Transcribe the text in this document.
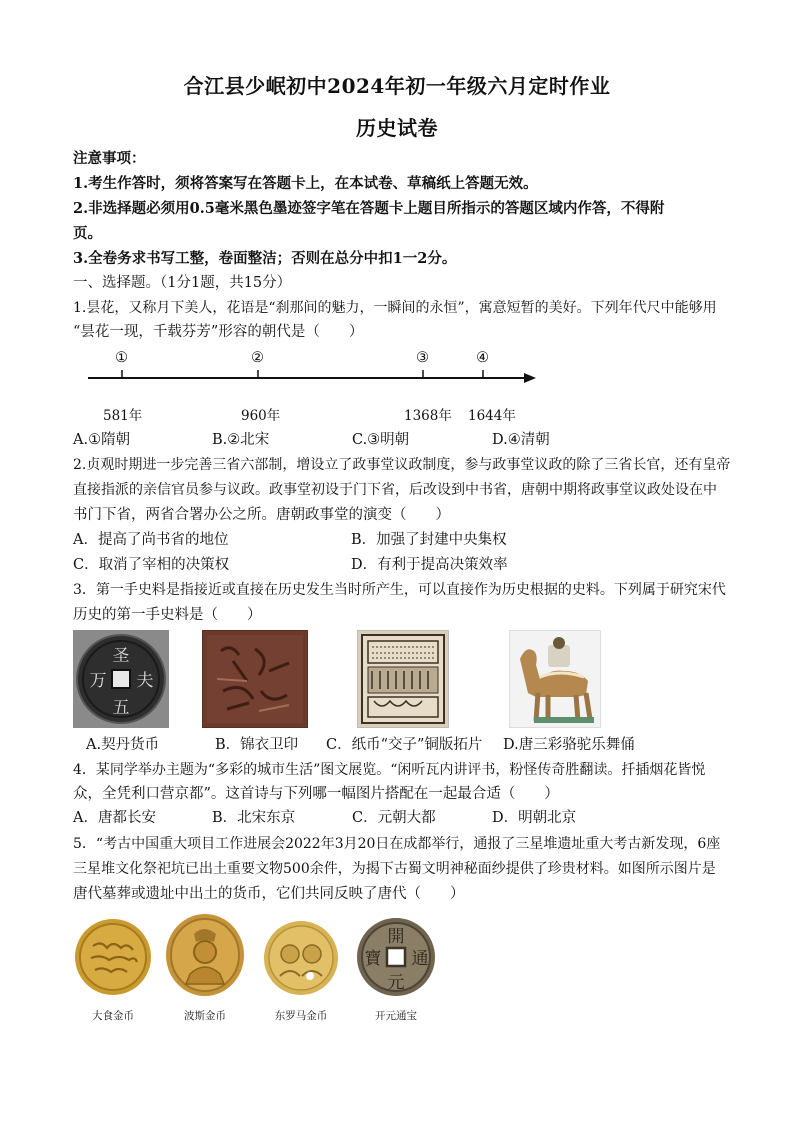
合江县少岷初中2024年初一年级六月定时作业
历史试卷
注意事项：
1.考生作答时，须将答案写在答题卡上，在本试卷、草稿纸上答题无效。
2.非选择题必须用0.5毫米黑色墨迹签字笔在答题卡上题目所指示的答题区域内作答，不得附
页。
3.全卷务求书写工整，卷面整洁；否则在总分中扣1一2分。
一、选择题。（1分1题，共15分）
1.昙花，又称月下美人，花语是“刹那间的魅力，一瞬间的永恒”，寓意短暂的美好。下列年代尺中能够用
“昙花一现，千载芬芳”形容的朝代是（　　）
①	②	③	④
581年	960年	1368年 1644年
A.①隋朝	B.②北宋	C.③明朝	D.④清朝
2.贞观时期进一步完善三省六部制，增设立了政事堂议政制度，参与政事堂议政的除了三省长官，还有皇帝
直接指派的亲信官员参与议政。政事堂初设于门下省，后改设到中书省，唐朝中期将政事堂议政处设在中
书门下省，两省合署办公之所。唐朝政事堂的演变（　　）
A．提高了尚书省的地位	B．加强了封建中央集权
C．取消了宰相的决策权	D．有利于提高决策效率
3．第一手史料是指接近或直接在历史发生当时所产生，可以直接作为历史根据的史料。下列属于研究宋代
历史的第一手史料是（　　）
圣
夫
五
万
A.契丹货币	B．锦衣卫印 C．纸币“交子”铜版拓片 D.唐三彩骆驼乐舞俑
4．某同学举办主题为“多彩的城市生活”图文展览。“闲听瓦内讲评书，粉怪传奇胜翻读。扦插烟花皆悦
众，全凭利口营京都”。这首诗与下列哪一幅图片搭配在一起最合适（　　）
A．唐都长安	B．北宋东京	C．元朝大都	D．明朝北京
5．“考古中国重大项目工作进展会2022年3月20日在成都举行，通报了三星堆遗址重大考古新发现，6座
三星堆文化祭祀坑已出土重要文物500余件，为揭下古蜀文明神秘面纱提供了珍贵材料。如图所示图片是
唐代墓葬或遗址中出土的货币，它们共同反映了唐代（　　）
開
通
元
寶
大食金币	波斯金币	东罗马金币	开元通宝
